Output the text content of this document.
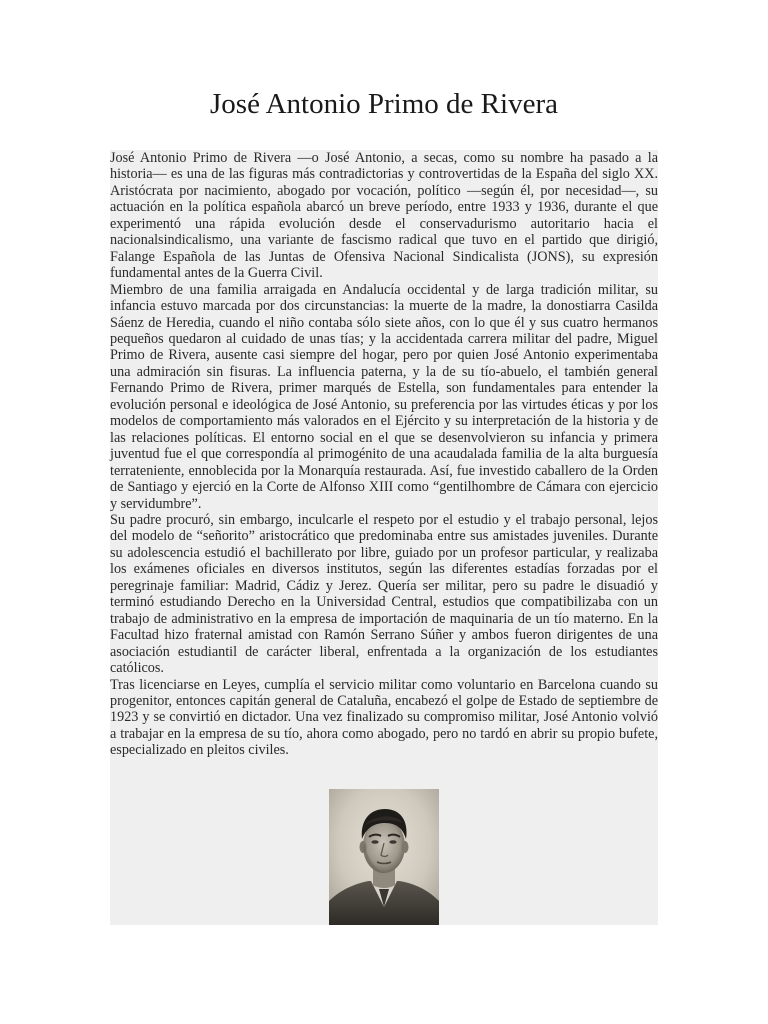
José Antonio Primo de Rivera

José Antonio Primo de Rivera —o José Antonio, a secas, como su nombre ha pasado a la historia— es una de las figuras más contradictorias y controvertidas de la España del siglo XX. Aristócrata por nacimiento, abogado por vocación, político —según él, por necesidad—, su actuación en la política española abarcó un breve período, entre 1933 y 1936, durante el que experimentó una rápida evolución desde el conservadurismo autoritario hacia el nacionalsindicalismo, una variante de fascismo radical que tuvo en el partido que dirigió, Falange Española de las Juntas de Ofensiva Nacional Sindicalista (JONS), su expresión fundamental antes de la Guerra Civil.

Miembro de una familia arraigada en Andalucía occidental y de larga tradición militar, su infancia estuvo marcada por dos circunstancias: la muerte de la madre, la donostiarra Casilda Sáenz de Heredia, cuando el niño contaba sólo siete años, con lo que él y sus cuatro hermanos pequeños quedaron al cuidado de unas tías; y la accidentada carrera militar del padre, Miguel Primo de Rivera, ausente casi siempre del hogar, pero por quien José Antonio experimentaba una admiración sin fisuras. La influencia paterna, y la de su tío-abuelo, el también general Fernando Primo de Rivera, primer marqués de Estella, son fundamentales para entender la evolución personal e ideológica de José Antonio, su preferencia por las virtudes éticas y por los modelos de comportamiento más valorados en el Ejército y su interpretación de la historia y de las relaciones políticas. El entorno social en el que se desenvolvieron su infancia y primera juventud fue el que correspondía al primogénito de una acaudalada familia de la alta burguesía terrateniente, ennoblecida por la Monarquía restaurada. Así, fue investido caballero de la Orden de Santiago y ejerció en la Corte de Alfonso XIII como “gentilhombre de Cámara con ejercicio y servidumbre”.

Su padre procuró, sin embargo, inculcarle el respeto por el estudio y el trabajo personal, lejos del modelo de “señorito” aristocrático que predominaba entre sus amistades juveniles. Durante su adolescencia estudió el bachillerato por libre, guiado por un profesor particular, y realizaba los exámenes oficiales en diversos institutos, según las diferentes estadías forzadas por el peregrinaje familiar: Madrid, Cádiz y Jerez. Quería ser militar, pero su padre le disuadió y terminó estudiando Derecho en la Universidad Central, estudios que compatibilizaba con un trabajo de administrativo en la empresa de importación de maquinaria de un tío materno. En la Facultad hizo fraternal amistad con Ramón Serrano Súñer y ambos fueron dirigentes de una asociación estudiantil de carácter liberal, enfrentada a la organización de los estudiantes católicos.

Tras licenciarse en Leyes, cumplía el servicio militar como voluntario en Barcelona cuando su progenitor, entonces capitán general de Cataluña, encabezó el golpe de Estado de septiembre de 1923 y se convirtió en dictador. Una vez finalizado su compromiso militar, José Antonio volvió a trabajar en la empresa de su tío, ahora como abogado, pero no tardó en abrir su propio bufete, especializado en pleitos civiles.
